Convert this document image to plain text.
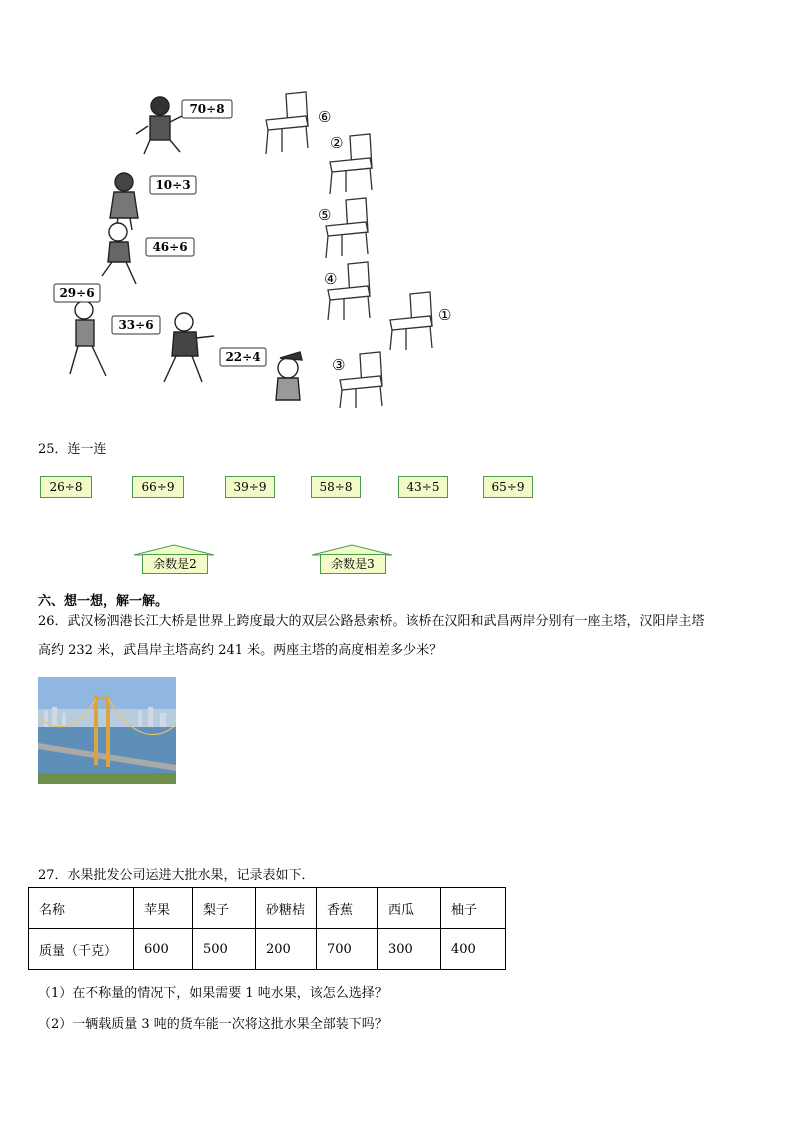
70÷8
10÷3
46÷6
29÷6
33÷6
22÷4
⑥
②
⑤
④
①
③
25．连一连
26÷8	66÷9	39÷9	58÷8	43÷5	65÷9
余数是2	余数是3
六、想一想，解一解。
26．武汉杨泗港长江大桥是世界上跨度最大的双层公路悬索桥。该桥在汉阳和武昌两岸分别有一座主塔，汉阳岸主塔
高约 232 米，武昌岸主塔高约 241 米。两座主塔的高度相差多少米？
27．水果批发公司运进大批水果，记录表如下．
名称	苹果	梨子	砂糖桔	香蕉	西瓜	柚子
质量（千克）	600	500	200	700	300	400
（1）在不称量的情况下，如果需要 1 吨水果，该怎么选择？
（2）一辆载质量 3 吨的货车能一次将这批水果全部装下吗？
